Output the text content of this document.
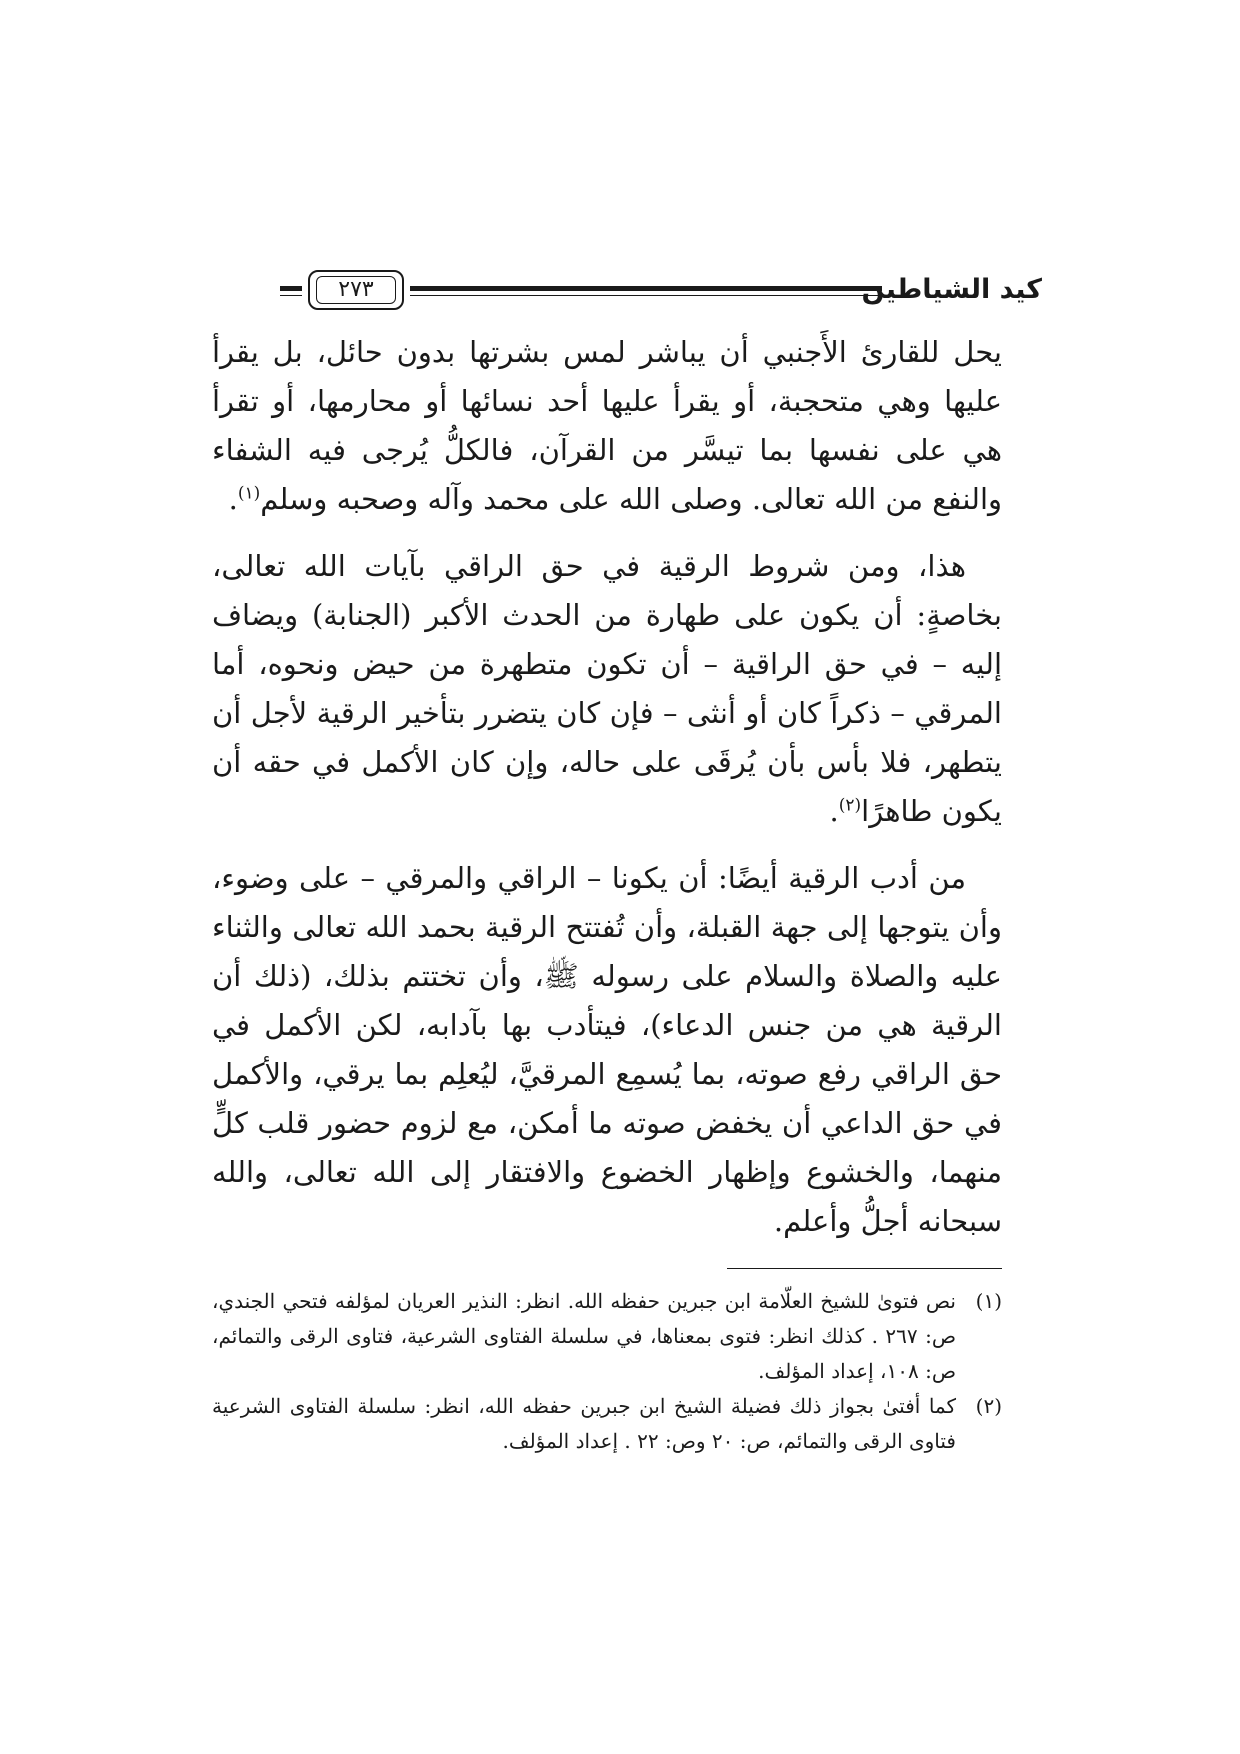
٢٧٣	كيد الشياطين

يحل للقارئ الأَجنبي أن يباشر لمس بشرتها بدون حائل، بل يقرأ عليها وهي متحجبة، أو يقرأ عليها أحد نسائها أو محارمها، أو تقرأ هي على نفسها بما تيسَّر من القرآن، فالكلُّ يُرجى فيه الشفاء والنفع من الله تعالى. وصلى الله على محمد وآله وصحبه وسلم$^{(١)}$.

هذا، ومن شروط الرقية في حق الراقي بآيات الله تعالى، بخاصةٍ: أن يكون على طهارة من الحدث الأكبر (الجنابة) ويضاف إليه – في حق الراقية – أن تكون متطهرة من حيض ونحوه، أما المرقي – ذكراً كان أو أنثى – فإن كان يتضرر بتأخير الرقية لأجل أن يتطهر، فلا بأس بأن يُرقَى على حاله، وإن كان الأكمل في حقه أن يكون طاهرًا$^{(٢)}$.

من أدب الرقية أيضًا: أن يكونا – الراقي والمرقي – على وضوء، وأن يتوجها إلى جهة القبلة، وأن تُفتتح الرقية بحمد الله تعالى والثناء عليه والصلاة والسلام على رسوله ﷺ، وأن تختتم بذلك، (ذلك أن الرقية هي من جنس الدعاء)، فيتأدب بها بآدابه، لكن الأكمل في حق الراقي رفع صوته، بما يُسمِع المرقيَّ، ليُعلِم بما يرقي، والأكمل في حق الداعي أن يخفض صوته ما أمكن، مع لزوم حضور قلب كلٍّ منهما، والخشوع وإظهار الخضوع والافتقار إلى الله تعالى، والله سبحانه أجلُّ وأعلم.

(١)
نص فتوىٰ للشيخ العلّامة ابن جبرين حفظه الله. انظر: النذير العريان لمؤلفه فتحي الجندي، ص: ٢٦٧ . كذلك انظر: فتوى بمعناها، في سلسلة الفتاوى الشرعية، فتاوى الرقى والتمائم، ص: ١٠٨، إعداد المؤلف.

(٢)
كما أفتىٰ بجواز ذلك فضيلة الشيخ ابن جبرين حفظه الله، انظر: سلسلة الفتاوى الشرعية فتاوى الرقى والتمائم، ص: ٢٠ وص: ٢٢ . إعداد المؤلف.
